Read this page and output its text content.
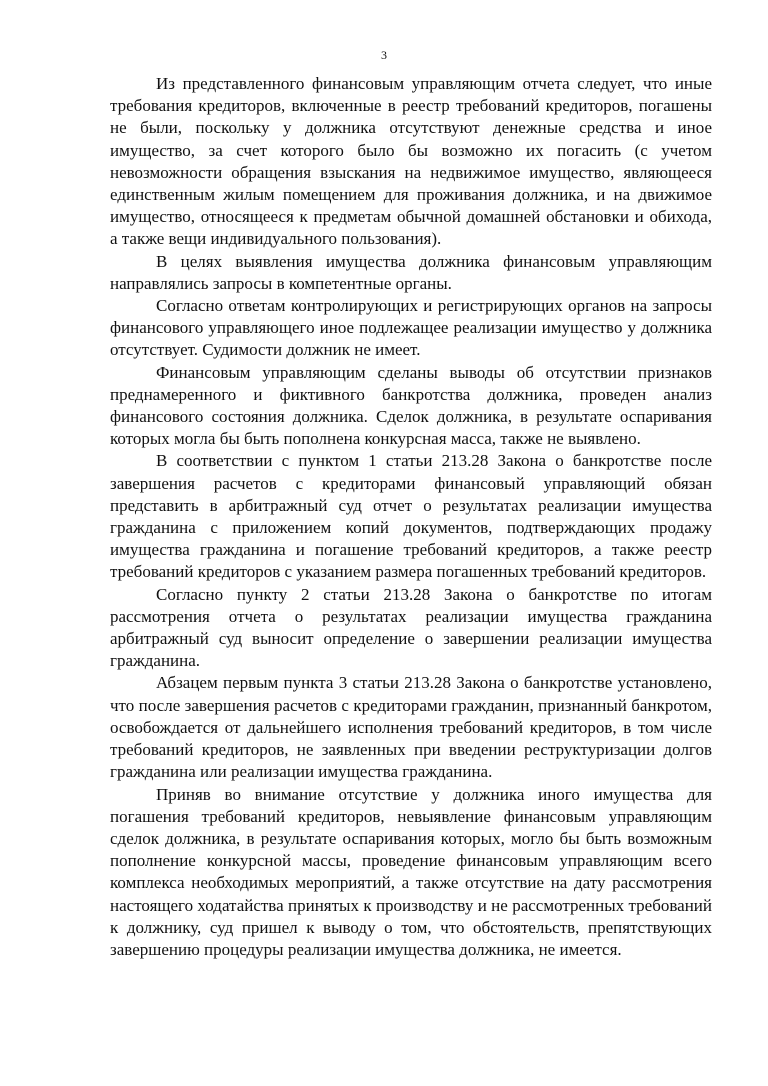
3

Из представленного финансовым управляющим отчета следует, что иные требования кредиторов, включенные в реестр требований кредиторов, погашены не были, поскольку у должника отсутствуют денежные средства и иное имущество, за счет которого было бы возможно их погасить (с учетом невозможности обращения взыскания на недвижимое имущество, являющееся единственным жилым помещением для проживания должника, и на движимое имущество, относящееся к предметам обычной домашней обстановки и обихода, а также вещи индивидуального пользования).

В целях выявления имущества должника финансовым управляющим направлялись запросы в компетентные органы.

Согласно ответам контролирующих и регистрирующих органов на запросы финансового управляющего иное подлежащее реализации имущество у должника отсутствует. Судимости должник не имеет.

Финансовым управляющим сделаны выводы об отсутствии признаков преднамеренного и фиктивного банкротства должника, проведен анализ финансового состояния должника. Сделок должника, в результате оспаривания которых могла бы быть пополнена конкурсная масса, также не выявлено.

В соответствии с пунктом 1 статьи 213.28 Закона о банкротстве после завершения расчетов с кредиторами финансовый управляющий обязан представить в арбитражный суд отчет о результатах реализации имущества гражданина с приложением копий документов, подтверждающих продажу имущества гражданина и погашение требований кредиторов, а также реестр требований кредиторов с указанием размера погашенных требований кредиторов.

Согласно пункту 2 статьи 213.28 Закона о банкротстве по итогам рассмотрения отчета о результатах реализации имущества гражданина арбитражный суд выносит определение о завершении реализации имущества гражданина.

Абзацем первым пункта 3 статьи 213.28 Закона о банкротстве установлено, что после завершения расчетов с кредиторами гражданин, признанный банкротом, освобождается от дальнейшего исполнения требований кредиторов, в том числе требований кредиторов, не заявленных при введении реструктуризации долгов гражданина или реализации имущества гражданина.

Приняв во внимание отсутствие у должника иного имущества для погашения требований кредиторов, невыявление финансовым управляющим сделок должника, в результате оспаривания которых, могло бы быть возможным пополнение конкурсной массы, проведение финансовым управляющим всего комплекса необходимых мероприятий, а также отсутствие на дату рассмотрения настоящего ходатайства принятых к производству и не рассмотренных требований к должнику, суд пришел к выводу о том, что обстоятельств, препятствующих завершению процедуры реализации имущества должника, не имеется.
